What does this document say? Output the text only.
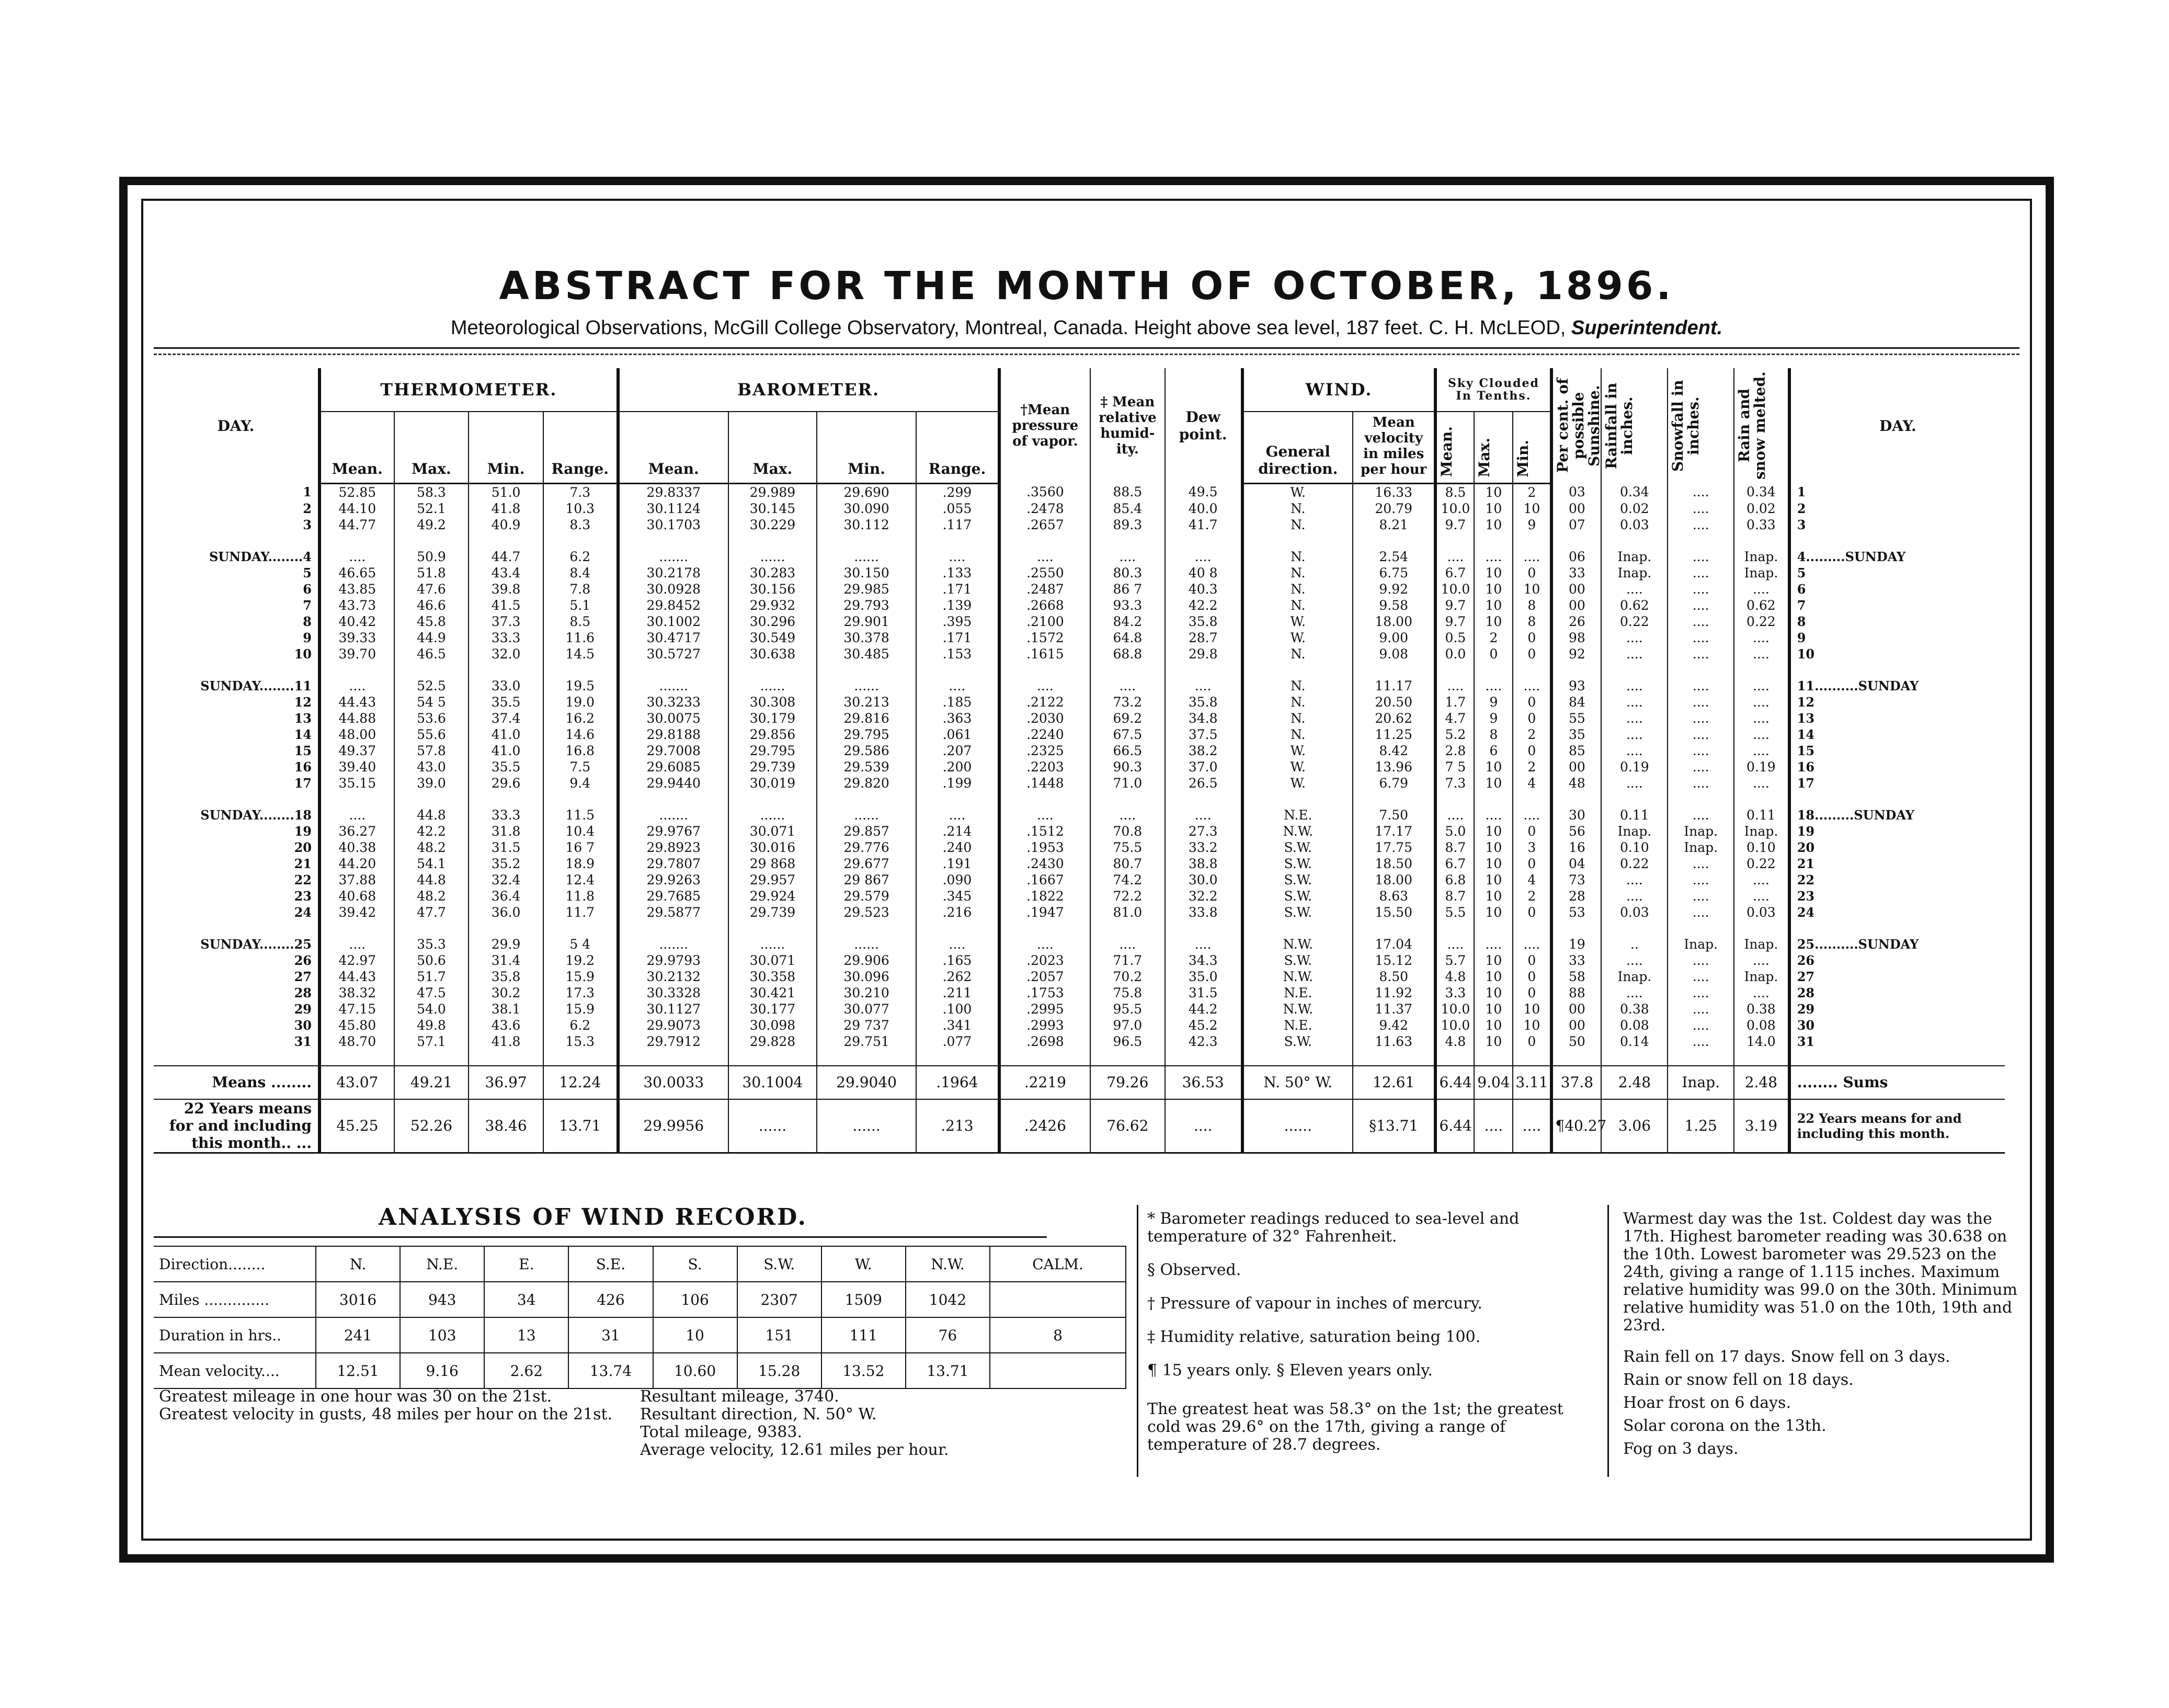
ABSTRACT FOR THE MONTH OF OCTOBER, 1896.
Meteorological Observations, McGill College Observatory, Montreal, Canada. Height above sea level, 187 feet. C. H. McLEOD, Superintendent.
DAY.	THERMOMETER.				BAROMETER.				†Mean pressure of vapor.	‡ Mean relative humid-ity.	Dew point.	WIND.		Sky Clouded In Tenths.			Per cent. of possible Sunshine.	Rainfall in inches.	Snowfall in inches.	Rain and snow melted.	DAY.
	Mean.	Max.	Min.	Range.	Mean.	Max.	Min.	Range.				General direction.	Mean velocity in miles per hour	Mean.	Max.	Min.					

1	52.85	58.3	51.0	7.3	29.8337	29.989	29.690	.299	.3560	88.5	49.5	W.	16.33	8.5	10	2	03	0.34	....	0.34	1
2	44.10	52.1	41.8	10.3	30.1124	30.145	30.090	.055	.2478	85.4	40.0	N.	20.79	10.0	10	10	00	0.02	....	0.02	2
3	44.77	49.2	40.9	8.3	30.1703	30.229	30.112	.117	.2657	89.3	41.7	N.	8.21	9.7	10	9	07	0.03	....	0.33	3

SUNDAY........4	....	50.9	44.7	6.2	.......	......	......	....	....	....	....	N.	2.54	....	....	....	06	Inap.	....	Inap.	4.........SUNDAY
5	46.65	51.8	43.4	8.4	30.2178	30.283	30.150	.133	.2550	80.3	40 8	N.	6.75	6.7	10	0	33	Inap.	....	Inap.	5
6	43.85	47.6	39.8	7.8	30.0928	30.156	29.985	.171	.2487	86 7	40.3	N.	9.92	10.0	10	10	00	....	....	....	6
7	43.73	46.6	41.5	5.1	29.8452	29.932	29.793	.139	.2668	93.3	42.2	N.	9.58	9.7	10	8	00	0.62	....	0.62	7
8	40.42	45.8	37.3	8.5	30.1002	30.296	29.901	.395	.2100	84.2	35.8	W.	18.00	9.7	10	8	26	0.22	....	0.22	8
9	39.33	44.9	33.3	11.6	30.4717	30.549	30.378	.171	.1572	64.8	28.7	W.	9.00	0.5	2	0	98	....	....	....	9
10	39.70	46.5	32.0	14.5	30.5727	30.638	30.485	.153	.1615	68.8	29.8	N.	9.08	0.0	0	0	92	....	....	....	10

SUNDAY........11	....	52.5	33.0	19.5	.......	......	......	....	....	....	....	N.	11.17	....	....	....	93	....	....	....	11..........SUNDAY
12	44.43	54 5	35.5	19.0	30.3233	30.308	30.213	.185	.2122	73.2	35.8	N.	20.50	1.7	9	0	84	....	....	....	12
13	44.88	53.6	37.4	16.2	30.0075	30.179	29.816	.363	.2030	69.2	34.8	N.	20.62	4.7	9	0	55	....	....	....	13
14	48.00	55.6	41.0	14.6	29.8188	29.856	29.795	.061	.2240	67.5	37.5	N.	11.25	5.2	8	2	35	....	....	....	14
15	49.37	57.8	41.0	16.8	29.7008	29.795	29.586	.207	.2325	66.5	38.2	W.	8.42	2.8	6	0	85	....	....	....	15
16	39.40	43.0	35.5	7.5	29.6085	29.739	29.539	.200	.2203	90.3	37.0	W.	13.96	7 5	10	2	00	0.19	....	0.19	16
17	35.15	39.0	29.6	9.4	29.9440	30.019	29.820	.199	.1448	71.0	26.5	W.	6.79	7.3	10	4	48	....	....	....	17

SUNDAY........18	....	44.8	33.3	11.5	.......	......	......	....	....	....	....	N.E.	7.50	....	....	....	30	0.11	....	0.11	18.........SUNDAY
19	36.27	42.2	31.8	10.4	29.9767	30.071	29.857	.214	.1512	70.8	27.3	N.W.	17.17	5.0	10	0	56	Inap.	Inap.	Inap.	19
20	40.38	48.2	31.5	16 7	29.8923	30.016	29.776	.240	.1953	75.5	33.2	S.W.	17.75	8.7	10	3	16	0.10	Inap.	0.10	20
21	44.20	54.1	35.2	18.9	29.7807	29 868	29.677	.191	.2430	80.7	38.8	S.W.	18.50	6.7	10	0	04	0.22	....	0.22	21
22	37.88	44.8	32.4	12.4	29.9263	29.957	29 867	.090	.1667	74.2	30.0	S.W.	18.00	6.8	10	4	73	....	....	....	22
23	40.68	48.2	36.4	11.8	29.7685	29.924	29.579	.345	.1822	72.2	32.2	S.W.	8.63	8.7	10	2	28	....	....	....	23
24	39.42	47.7	36.0	11.7	29.5877	29.739	29.523	.216	.1947	81.0	33.8	S.W.	15.50	5.5	10	0	53	0.03	....	0.03	24

SUNDAY........25	....	35.3	29.9	5 4	.......	......	......	....	....	....	....	N.W.	17.04	....	....	....	19	..	Inap.	Inap.	25..........SUNDAY
26	42.97	50.6	31.4	19.2	29.9793	30.071	29.906	.165	.2023	71.7	34.3	S.W.	15.12	5.7	10	0	33	....	....	....	26
27	44.43	51.7	35.8	15.9	30.2132	30.358	30.096	.262	.2057	70.2	35.0	N.W.	8.50	4.8	10	0	58	Inap.	....	Inap.	27
28	38.32	47.5	30.2	17.3	30.3328	30.421	30.210	.211	.1753	75.8	31.5	N.E.	11.92	3.3	10	0	88	....	....	....	28
29	47.15	54.0	38.1	15.9	30.1127	30.177	30.077	.100	.2995	95.5	44.2	N.W.	11.37	10.0	10	10	00	0.38	....	0.38	29
30	45.80	49.8	43.6	6.2	29.9073	30.098	29 737	.341	.2993	97.0	45.2	N.E.	9.42	10.0	10	10	00	0.08	....	0.08	30
31	48.70	57.1	41.8	15.3	29.7912	29.828	29.751	.077	.2698	96.5	42.3	S.W.	11.63	4.8	10	0	50	0.14	....	14.0	31

Means ........	43.07	49.21	36.97	12.24	30.0033	30.1004	29.9040	.1964	.2219	79.26	36.53	N. 50° W.	12.61	6.44	9.04	3.11	37.8	2.48	Inap.	2.48	........ Sums
22 Years means for and including this month.. ...	45.25	52.26	38.46	13.71	29.9956	......	......	.213	.2426	76.62	....	......	§13.71	6.44	....	....	¶40.27	3.06	1.25	3.19	22 Years means for and including this month.
ANALYSIS OF WIND RECORD.
Direction........	N.	N.E.	E.	S.E.	S.	S.W.	W.	N.W.	CALM.
Miles ..............	3016	943	34	426	106	2307	1509	1042	
Duration in hrs..	241	103	13	31	10	151	111	76	8
Mean velocity....	12.51	9.16	2.62	13.74	10.60	15.28	13.52	13.71	
Greatest mileage in one hour was 30 on the 21st.
Greatest velocity in gusts, 48 miles per hour on the 21st.
Resultant mileage, 3740.
Resultant direction, N. 50° W.
Total mileage, 9383.
Average velocity, 12.61 miles per hour.
* Barometer readings reduced to sea-level and temperature of 32° Fahrenheit.
§ Observed.
† Pressure of vapour in inches of mercury.
‡ Humidity relative, saturation being 100.
¶ 15 years only. § Eleven years only.
The greatest heat was 58.3° on the 1st; the greatest cold was 29.6° on the 17th, giving a range of temperature of 28.7 degrees.
Warmest day was the 1st. Coldest day was the 17th. Highest barometer reading was 30.638 on the 10th. Lowest barometer was 29.523 on the 24th, giving a range of 1.115 inches. Maximum relative humidity was 99.0 on the 30th. Minimum relative humidity was 51.0 on the 10th, 19th and 23rd.
Rain fell on 17 days. Snow fell on 3 days.
Rain or snow fell on 18 days.
Hoar frost on 6 days.
Solar corona on the 13th.
Fog on 3 days.
